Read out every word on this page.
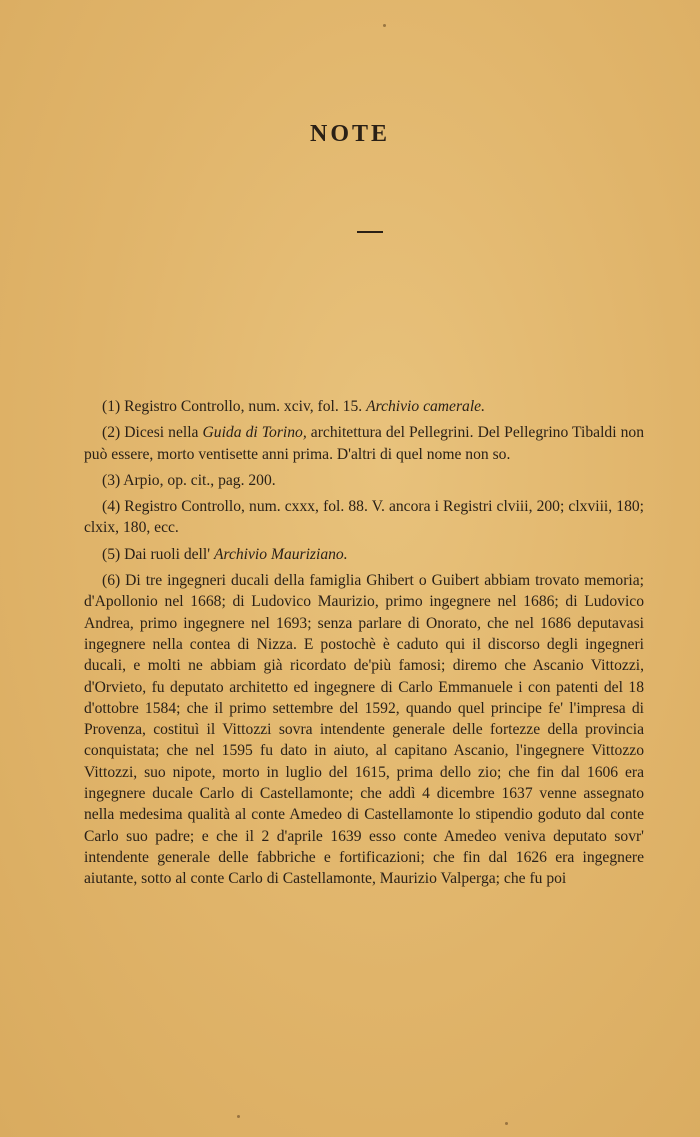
NOTE

(1) Registro Controllo, num. xciv, fol. 15. Archivio camerale.

(2) Dicesi nella Guida di Torino, architettura del Pellegrini. Del Pellegrino Tibaldi non può essere, morto ventisette anni prima. D'altri di quel nome non so.

(3) Arpio, op. cit., pag. 200.

(4) Registro Controllo, num. cxxx, fol. 88. V. ancora i Registri clviii, 200; clxviii, 180; clxix, 180, ecc.

(5) Dai ruoli dell' Archivio Mauriziano.

(6) Di tre ingegneri ducali della famiglia Ghibert o Guibert abbiam trovato memoria; d'Apollonio nel 1668; di Ludovico Maurizio, primo ingegnere nel 1686; di Ludovico Andrea, primo ingegnere nel 1693; senza parlare di Onorato, che nel 1686 deputavasi ingegnere nella contea di Nizza. E postochè è caduto qui il discorso degli ingegneri ducali, e molti ne abbiam già ricordato de'più famosi; diremo che Ascanio Vittozzi, d'Orvieto, fu deputato architetto ed ingegnere di Carlo Emmanuele i con patenti del 18 d'ottobre 1584; che il primo settembre del 1592, quando quel principe fe' l'impresa di Provenza, costituì il Vittozzi sovra intendente generale delle fortezze della provincia conquistata; che nel 1595 fu dato in aiuto, al capitano Ascanio, l'ingegnere Vittozzo Vittozzi, suo nipote, morto in luglio del 1615, prima dello zio; che fin dal 1606 era ingegnere ducale Carlo di Castellamonte; che addì 4 dicembre 1637 venne assegnato nella medesima qualità al conte Amedeo di Castellamonte lo stipendio goduto dal conte Carlo suo padre; e che il 2 d'aprile 1639 esso conte Amedeo veniva deputato sovr' intendente generale delle fabbriche e fortificazioni; che fin dal 1626 era ingegnere aiutante, sotto al conte Carlo di Castellamonte, Maurizio Valperga; che fu poi
